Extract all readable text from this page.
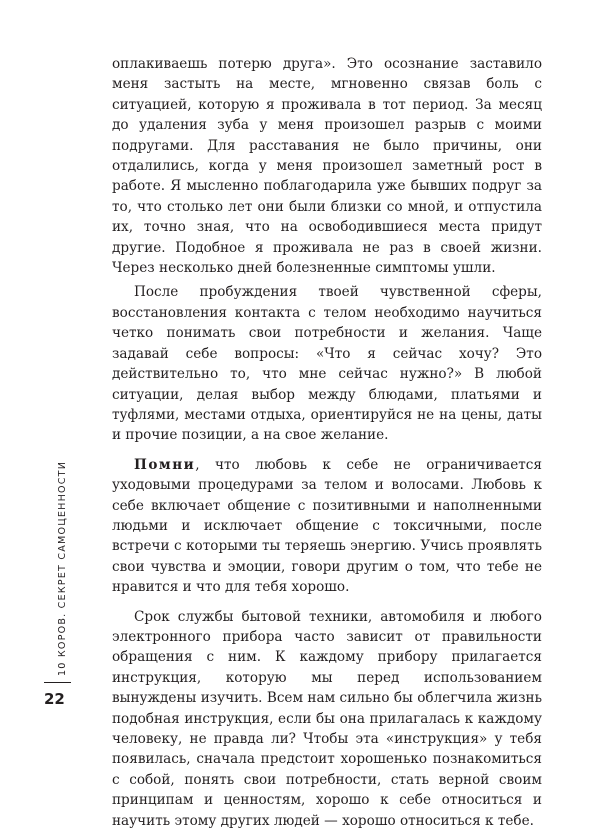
оплакиваешь потерю друга». Это осознание заставило меня застыть на месте, мгновенно связав боль с ситуацией, которую я проживала в тот период. За месяц до удаления зуба у меня произошел разрыв с моими подругами. Для расставания не было причины, они отдалились, когда у меня произошел заметный рост в работе. Я мысленно поблагодарила уже бывших подруг за то, что столько лет они были близки со мной, и отпустила их, точно зная, что на освободившиеся места придут другие. Подобное я проживала не раз в своей жизни. Через несколько дней болезненные симптомы ушли.

После пробуждения твоей чувственной сферы, восстановления контакта с телом необходимо научиться четко понимать свои потребности и желания. Чаще задавай себе вопросы: «Что я сейчас хочу? Это действительно то, что мне сейчас нужно?» В любой ситуации, делая выбор между блюдами, платьями и туфлями, местами отдыха, ориентируйся не на цены, даты и прочие позиции, а на свое желание.

Помни, что любовь к себе не ограничивается уходовыми процедурами за телом и волосами. Любовь к себе включает общение с позитивными и наполненными людьми и исключает общение с токсичными, после встречи с которыми ты теряешь энергию. Учись проявлять свои чувства и эмоции, говори другим о том, что тебе не нравится и что для тебя хорошо.

Срок службы бытовой техники, автомобиля и любого электронного прибора часто зависит от правильности обращения с ним. К каждому прибору прилагается инструкция, которую мы перед использованием вынуждены изучить. Всем нам сильно бы облегчила жизнь подобная инструкция, если бы она прилагалась к каждому человеку, не правда ли? Чтобы эта «инструкция» у тебя появилась, сначала предстоит хорошенько познакомиться с собой, понять свои потребности, стать верной своим принципам и ценностям, хорошо к себе относиться и научить этому других людей — хорошо относиться к тебе.

10 КОРОВ. СЕКРЕТ САМОЦЕННОСТИ
22
